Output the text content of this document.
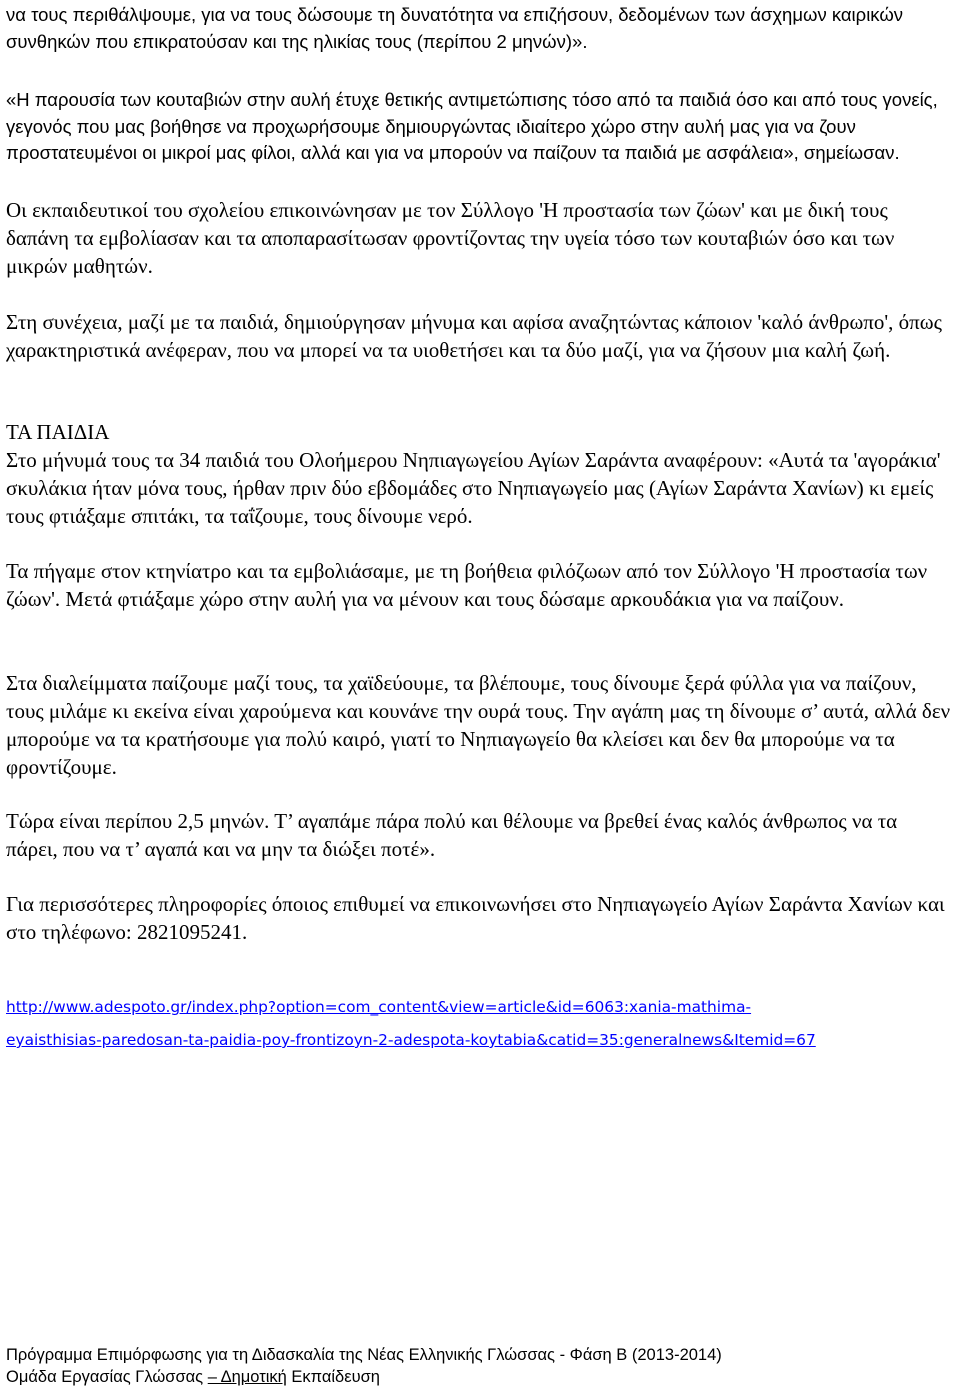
να τους περιθάλψουμε, για να τους δώσουμε τη δυνατότητα να επιζήσουν, δεδομένων των άσχημων καιρικών συνθηκών που επικρατούσαν και της ηλικίας τους (περίπου 2 μηνών)».

«Η παρουσία των κουταβιών στην αυλή έτυχε θετικής αντιμετώπισης τόσο από τα παιδιά όσο και από τους γονείς, γεγονός που μας βοήθησε να προχωρήσουμε δημιουργώντας ιδιαίτερο χώρο στην αυλή μας για να ζουν προστατευμένοι οι μικροί μας φίλοι, αλλά και για να μπορούν να παίζουν τα παιδιά με ασφάλεια», σημείωσαν.

Οι εκπαιδευτικοί του σχολείου επικοινώνησαν με τον Σύλλογο 'Η προστασία των ζώων' και με δική τους δαπάνη τα εμβολίασαν και τα αποπαρασίτωσαν φροντίζοντας την υγεία τόσο των κουταβιών όσο και των μικρών μαθητών.

Στη συνέχεια, μαζί με τα παιδιά, δημιούργησαν μήνυμα και αφίσα αναζητώντας κάποιον 'καλό άνθρωπο', όπως χαρακτηριστικά ανέφεραν, που να μπορεί να τα υιοθετήσει και τα δύο μαζί, για να ζήσουν μια καλή ζωή.

ΤΑ ΠΑΙΔΙΑ

Στο μήνυμά τους τα 34 παιδιά του Ολοήμερου Νηπιαγωγείου Αγίων Σαράντα αναφέρουν: «Αυτά τα 'αγοράκια' σκυλάκια ήταν μόνα τους, ήρθαν πριν δύο εβδομάδες στο Νηπιαγωγείο μας (Αγίων Σαράντα Χανίων) κι εμείς τους φτιάξαμε σπιτάκι, τα ταΐζουμε, τους δίνουμε νερό.

Τα πήγαμε στον κτηνίατρο και τα εμβολιάσαμε, με τη βοήθεια φιλόζωων από τον Σύλλογο 'Η προστασία των ζώων'. Μετά φτιάξαμε χώρο στην αυλή για να μένουν και τους δώσαμε αρκουδάκια για να παίζουν.

Στα διαλείμματα παίζουμε μαζί τους, τα χαϊδεύουμε, τα βλέπουμε, τους δίνουμε ξερά φύλλα για να παίζουν, τους μιλάμε κι εκείνα είναι χαρούμενα και κουνάνε την ουρά τους. Την αγάπη μας τη δίνουμε σ’ αυτά, αλλά δεν μπορούμε να τα κρατήσουμε για πολύ καιρό, γιατί το Νηπιαγωγείο θα κλείσει και δεν θα μπορούμε να τα φροντίζουμε.

Τώρα είναι περίπου 2,5 μηνών. Τ’ αγαπάμε πάρα πολύ και θέλουμε να βρεθεί ένας καλός άνθρωπος να τα πάρει, που να τ’ αγαπά και να μην τα διώξει ποτέ».

Για περισσότερες πληροφορίες όποιος επιθυμεί να επικοινωνήσει στο Νηπιαγωγείο Αγίων Σαράντα Χανίων και στο τηλέφωνο: 2821095241.

http://www.adespoto.gr/index.php?option=com_content&view=article&id=6063:xania-mathima-
eyaisthisias-paredosan-ta-paidia-poy-frontizoyn-2-adespota-koytabia&catid=35:generalnews&Itemid=67
Πρόγραμμα Επιμόρφωσης για τη Διδασκαλία της Νέας Ελληνικής Γλώσσας - Φάση Β (2013-2014)
Ομάδα Εργασίας Γλώσσας – Δημοτική Εκπαίδευση
